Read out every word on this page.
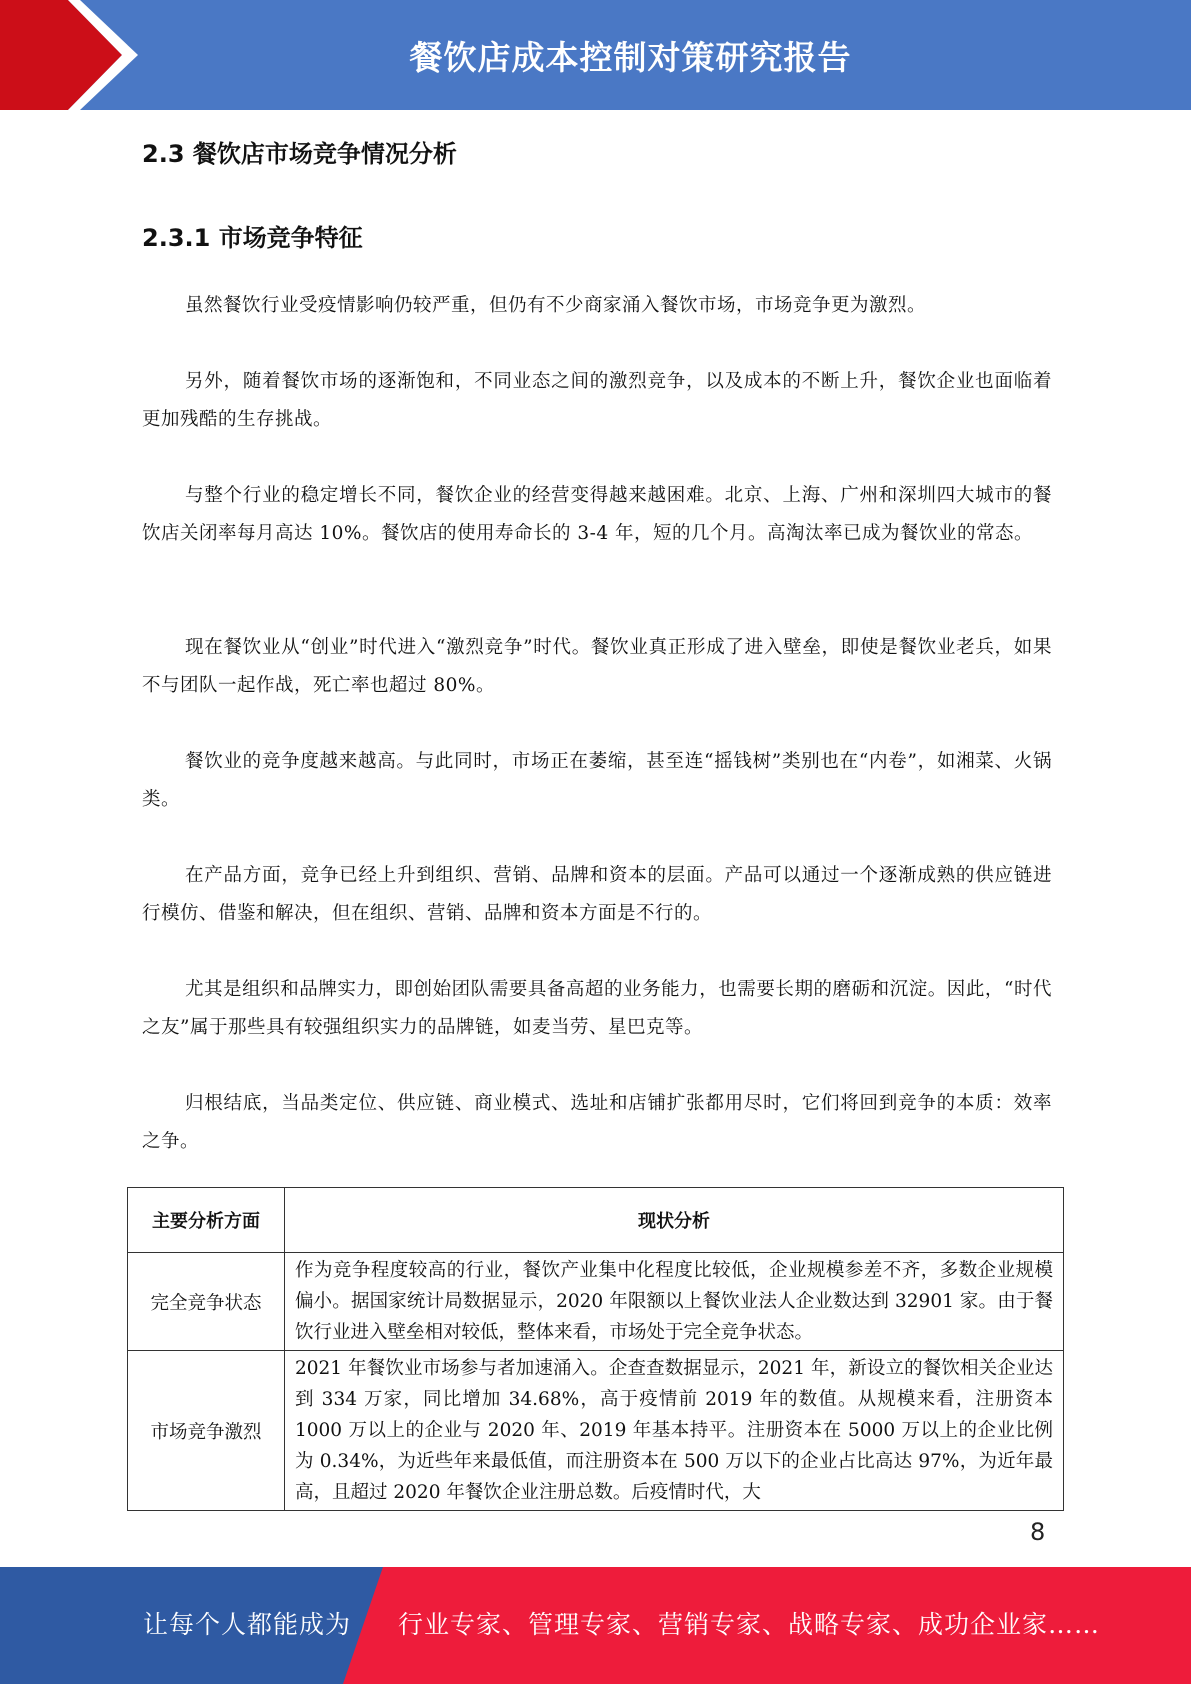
餐饮店成本控制对策研究报告
2.3 餐饮店市场竞争情况分析
2.3.1 市场竞争特征

虽然餐饮行业受疫情影响仍较严重，但仍有不少商家涌入餐饮市场，市场竞争更为激烈。

另外，随着餐饮市场的逐渐饱和，不同业态之间的激烈竞争，以及成本的不断上升，餐饮企业也面临着更加残酷的生存挑战。

与整个行业的稳定增长不同，餐饮企业的经营变得越来越困难。北京、上海、广州和深圳四大城市的餐饮店关闭率每月高达 10%。餐饮店的使用寿命长的 3-4 年，短的几个月。高淘汰率已成为餐饮业的常态。

现在餐饮业从“创业”时代进入“激烈竞争”时代。餐饮业真正形成了进入壁垒，即使是餐饮业老兵，如果不与团队一起作战，死亡率也超过 80%。

餐饮业的竞争度越来越高。与此同时，市场正在萎缩，甚至连“摇钱树”类别也在“内卷”，如湘菜、火锅类。

在产品方面，竞争已经上升到组织、营销、品牌和资本的层面。产品可以通过一个逐渐成熟的供应链进行模仿、借鉴和解决，但在组织、营销、品牌和资本方面是不行的。

尤其是组织和品牌实力，即创始团队需要具备高超的业务能力，也需要长期的磨砺和沉淀。因此，“时代之友”属于那些具有较强组织实力的品牌链，如麦当劳、星巴克等。

归根结底，当品类定位、供应链、商业模式、选址和店铺扩张都用尽时，它们将回到竞争的本质：效率之争。

主要分析方面	现状分析
完全竞争状态	作为竞争程度较高的行业，餐饮产业集中化程度比较低，企业规模参差不齐，多数企业规模偏小。据国家统计局数据显示，2020 年限额以上餐饮业法人企业数达到 32901 家。由于餐饮行业进入壁垒相对较低，整体来看，市场处于完全竞争状态。
市场竞争激烈	2021 年餐饮业市场参与者加速涌入。企查查数据显示，2021 年，新设立的餐饮相关企业达到 334 万家，同比增加 34.68%，高于疫情前 2019 年的数值。从规模来看，注册资本 1000 万以上的企业与 2020 年、2019 年基本持平。注册资本在 5000 万以上的企业比例为 0.34%，为近些年来最低值，而注册资本在 500 万以下的企业占比高达 97%，为近年最高，且超过 2020 年餐饮企业注册总数。后疫情时代，大
8
让每个人都能成为 行业专家、管理专家、营销专家、战略专家、成功企业家……
